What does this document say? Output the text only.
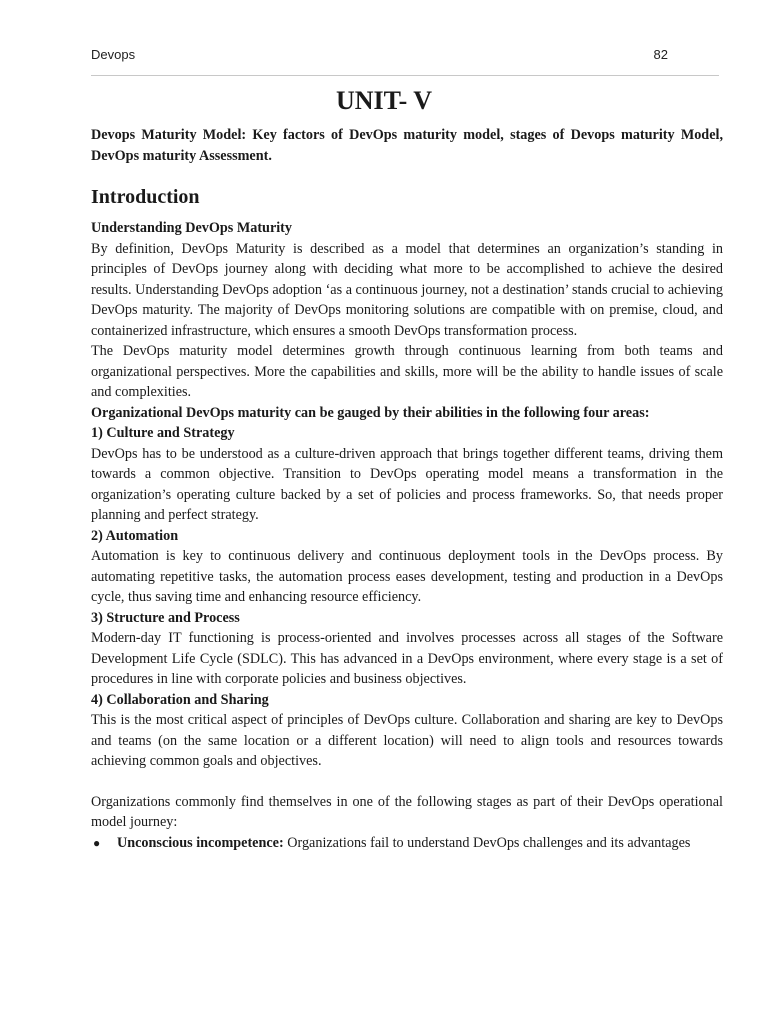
Devops	82
UNIT- V

Devops Maturity Model: Key factors of DevOps maturity model, stages of Devops maturity Model, DevOps maturity Assessment.

Introduction

Understanding DevOps Maturity

By definition, DevOps Maturity is described as a model that determines an organization’s standing in principles of DevOps journey along with deciding what more to be accomplished to achieve the desired results. Understanding DevOps adoption ‘as a continuous journey, not a destination’ stands crucial to achieving DevOps maturity. The majority of DevOps monitoring solutions are compatible with on premise, cloud, and containerized infrastructure, which ensures a smooth DevOps transformation process.

The DevOps maturity model determines growth through continuous learning from both teams and organizational perspectives. More the capabilities and skills, more will be the ability to handle issues of scale and complexities.

Organizational DevOps maturity can be gauged by their abilities in the following four areas:

1) Culture and Strategy

DevOps has to be understood as a culture-driven approach that brings together different teams, driving them towards a common objective. Transition to DevOps operating model means a transformation in the organization’s operating culture backed by a set of policies and process frameworks. So, that needs proper planning and perfect strategy.

2) Automation

Automation is key to continuous delivery and continuous deployment tools in the DevOps process. By automating repetitive tasks, the automation process eases development, testing and production in a DevOps cycle, thus saving time and enhancing resource efficiency.

3) Structure and Process

Modern-day IT functioning is process-oriented and involves processes across all stages of the Software Development Life Cycle (SDLC). This has advanced in a DevOps environment, where every stage is a set of procedures in line with corporate policies and business objectives.

4) Collaboration and Sharing

This is the most critical aspect of principles of DevOps culture. Collaboration and sharing are key to DevOps and teams (on the same location or a different location) will need to align tools and resources towards achieving common goals and objectives.

Organizations commonly find themselves in one of the following stages as part of their DevOps operational model journey:

● Unconscious incompetence: Organizations fail to understand DevOps challenges and its advantages
